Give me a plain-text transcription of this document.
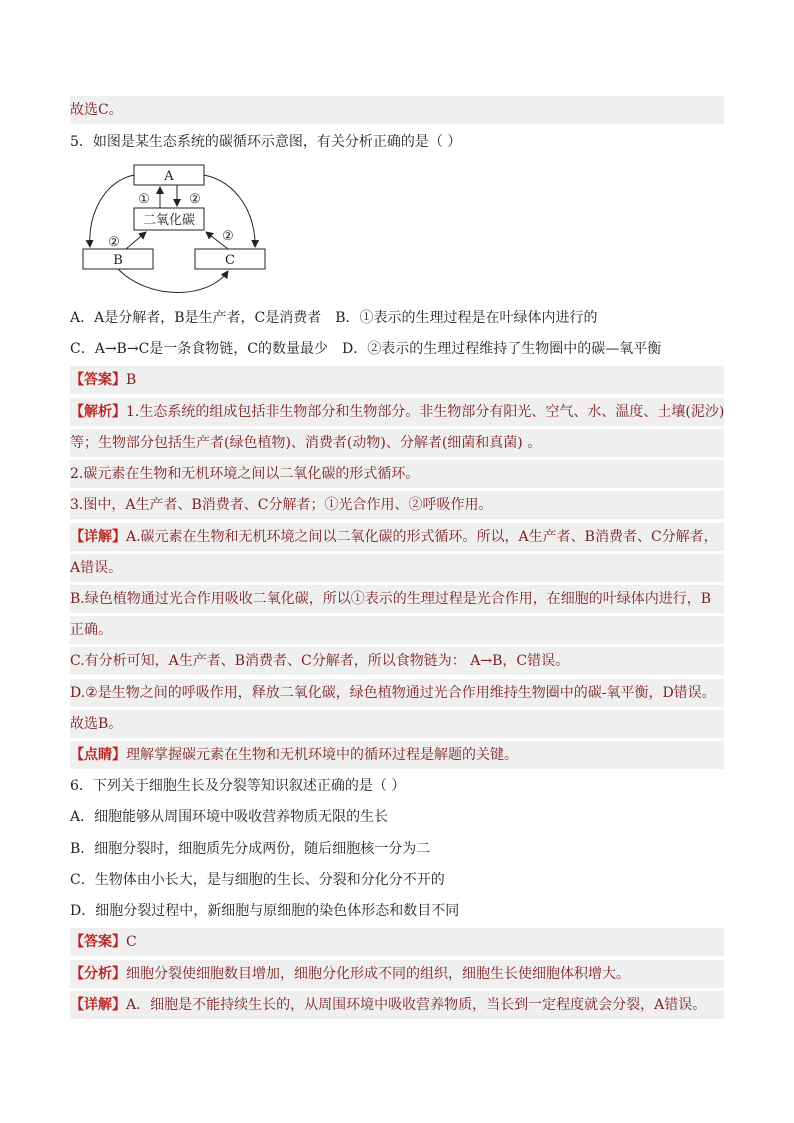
故选C。
5．如图是某生态系统的碳循环示意图，有关分析正确的是（ ）
A
二氧化碳
B	C
①	②
②	②
A．A是分解者，B是生产者，C是消费者 B．①表示的生理过程是在叶绿体内进行的
C．A→B→C是一条食物链，C的数量最少 D．②表示的生理过程维持了生物圈中的碳—氧平衡
【答案】B
【解析】1.生态系统的组成包括非生物部分和生物部分。非生物部分有阳光、空气、水、温度、土壤(泥沙)
等；生物部分包括生产者(绿色植物)、消费者(动物)、分解者(细菌和真菌) 。
2.碳元素在生物和无机环境之间以二氧化碳的形式循环。
3.图中，A生产者、B消费者、C分解者；①光合作用、②呼吸作用。
【详解】A.碳元素在生物和无机环境之间以二氧化碳的形式循环。所以，A生产者、B消费者、C分解者，
A错误。
B.绿色植物通过光合作用吸收二氧化碳，所以①表示的生理过程是光合作用，在细胞的叶绿体内进行，B
正确。
C.有分析可知，A生产者、B消费者、C分解者，所以食物链为： A→B，C错误。
D.②是生物之间的呼吸作用，释放二氧化碳，绿色植物通过光合作用维持生物圈中的碳-氧平衡，D错误。
故选B。
【点睛】理解掌握碳元素在生物和无机环境中的循环过程是解题的关键。
6．下列关于细胞生长及分裂等知识叙述正确的是（ ）
A．细胞能够从周围环境中吸收营养物质无限的生长
B．细胞分裂时，细胞质先分成两份，随后细胞核一分为二
C．生物体由小长大，是与细胞的生长、分裂和分化分不开的
D．细胞分裂过程中，新细胞与原细胞的染色体形态和数目不同
【答案】C
【分析】细胞分裂使细胞数目增加，细胞分化形成不同的组织，细胞生长使细胞体积增大。
【详解】A．细胞是不能持续生长的，从周围环境中吸收营养物质，当长到一定程度就会分裂，A错误。
